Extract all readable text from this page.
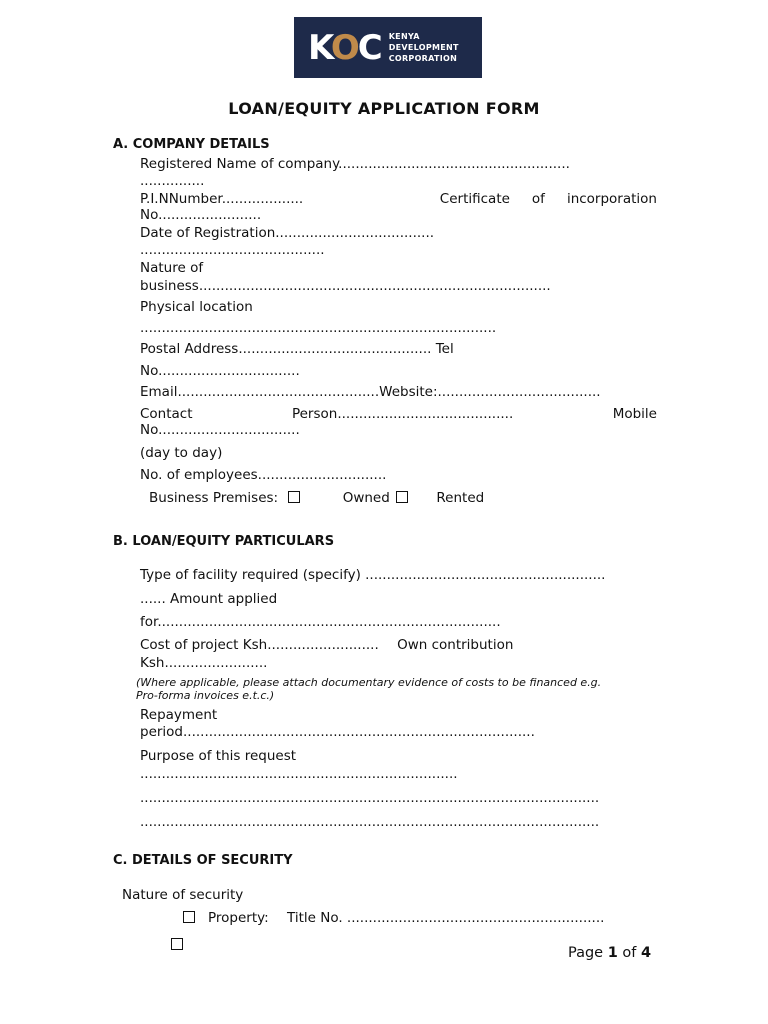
KOC KENYA
DEVELOPMENT
CORPORATION
LOAN/EQUITY APPLICATION FORM
A. COMPANY DETAILS
Registered Name of company......................................................
...............
P.I.N Number...................	Certificate of incorporation
No........................
Date of Registration.....................................
...........................................
Nature of
business..................................................................................
Physical location
...................................................................................
Postal Address............................................. Tel
No.................................
Email...............................................Website:......................................
Contact	Person.........................................	Mobile
No.................................
(day to day)
No. of employees..............................
Business Premises:	Owned	Rented
B. LOAN/EQUITY PARTICULARS
Type of facility required (specify) ........................................................
...... Amount applied
for................................................................................
Cost of project Ksh.......................... Own contribution
Ksh........................
(Where applicable, please attach documentary evidence of costs to be financed e.g.
Pro-forma invoices e.t.c.)
Repayment
period..................................................................................
Purpose of this request
..........................................................................
...........................................................................................................
...........................................................................................................
C. DETAILS OF SECURITY
Nature of security
Property: Title No. ............................................................
Page 1 of 4
